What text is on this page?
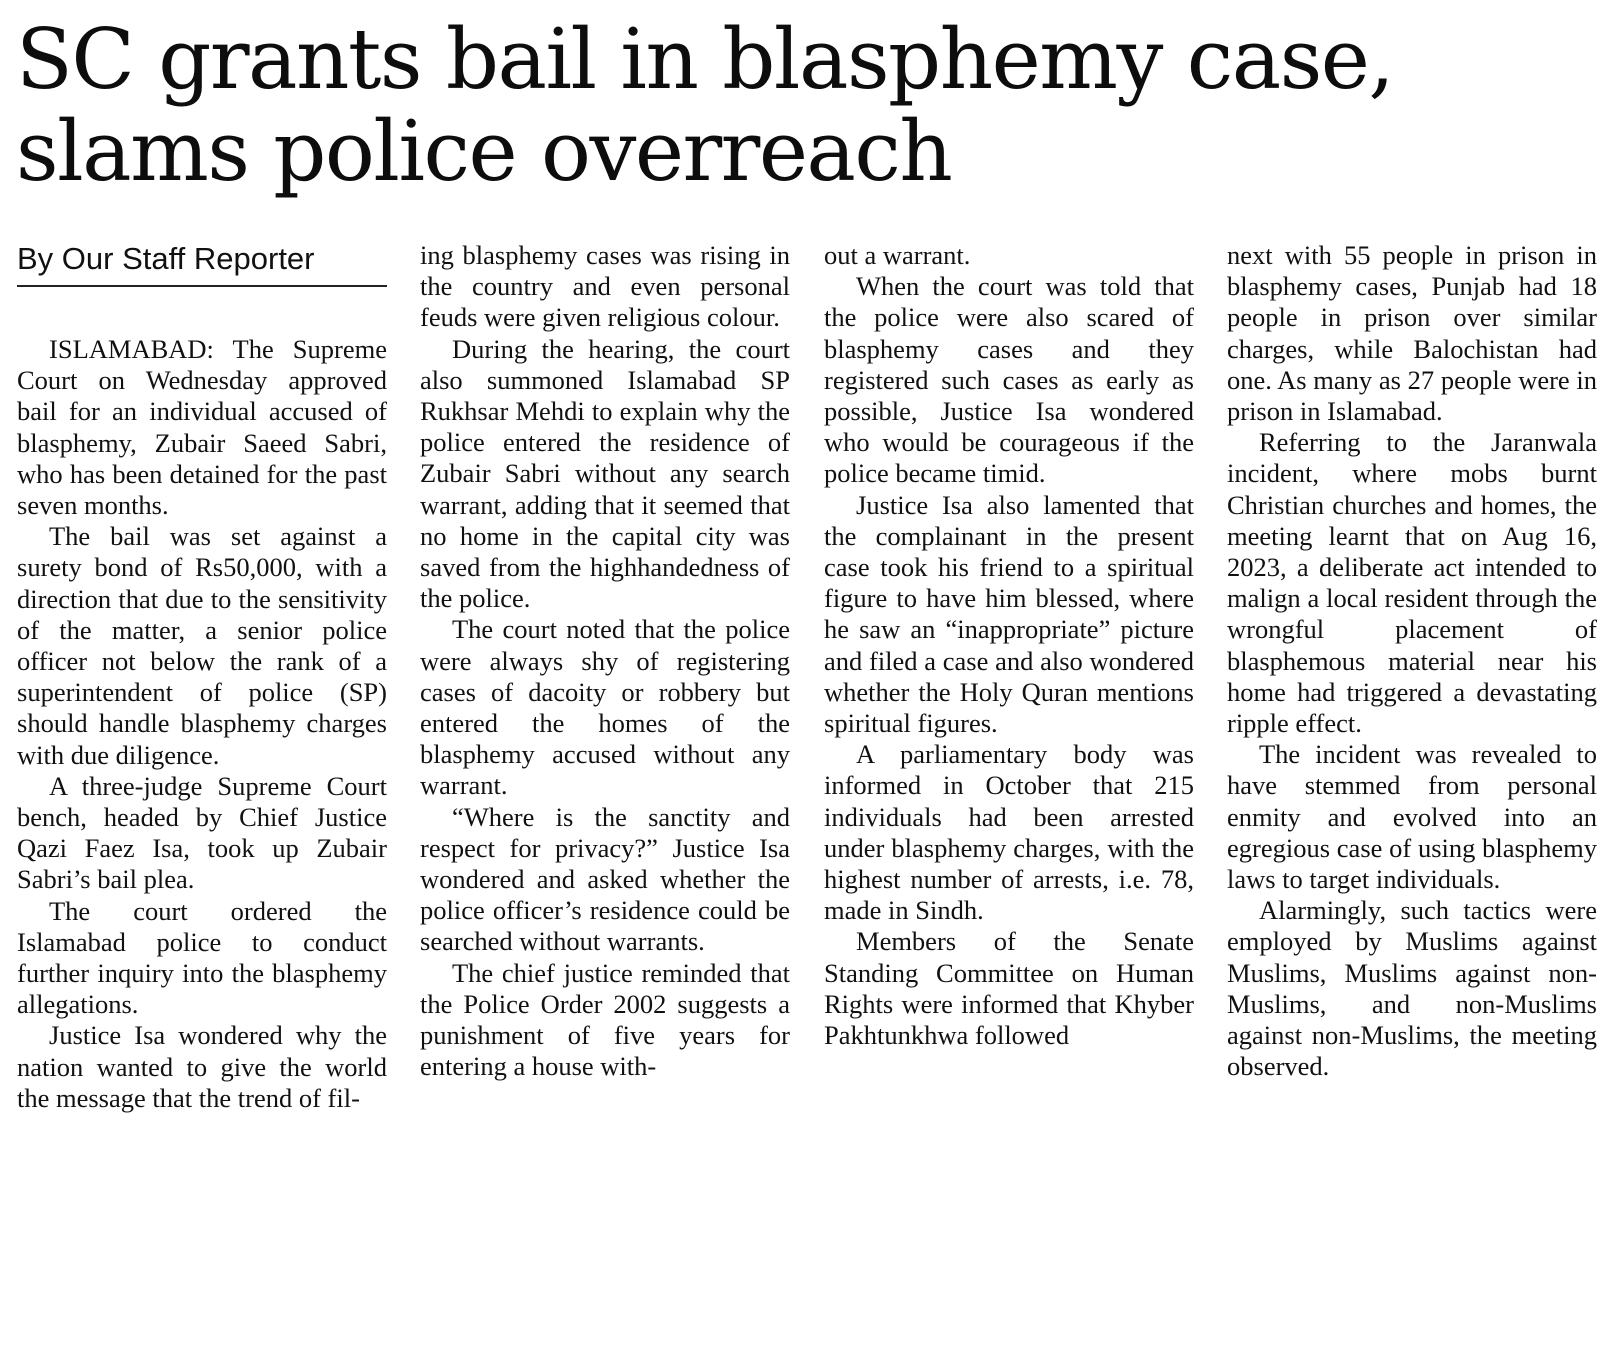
SC grants bail in blasphemy case,
slams police overreach
By Our Staff Reporter

ISLAMABAD: The Supreme Court on Wednesday approved bail for an individual accused of blasphemy, Zubair Saeed Sabri, who has been detained for the past seven months.

The bail was set against a surety bond of Rs50,000, with a direction that due to the sensitivity of the matter, a senior police officer not below the rank of a superintendent of police (SP) should handle blasphemy charges with due diligence.

A three-judge Supreme Court bench, headed by Chief Justice Qazi Faez Isa, took up Zubair Sabri’s bail plea.

The court ordered the Islamabad police to conduct further inquiry into the blasphemy allegations.

Justice Isa wondered why the nation wanted to give the world the message that the trend of fil-

ing blasphemy cases was rising in the country and even personal feuds were given religious colour.

During the hearing, the court also summoned Islamabad SP Rukhsar Mehdi to explain why the police entered the residence of Zubair Sabri without any search warrant, adding that it seemed that no home in the capital city was saved from the highhandedness of the police.

The court noted that the police were always shy of registering cases of dacoity or robbery but entered the homes of the blasphemy accused without any warrant.

“Where is the sanctity and respect for privacy?” Justice Isa wondered and asked whether the police officer’s residence could be searched without warrants.

The chief justice reminded that the Police Order 2002 suggests a punishment of five years for entering a house with-

out a warrant.

When the court was told that the police were also scared of blasphemy cases and they registered such cases as early as possible, Justice Isa wondered who would be courageous if the police became timid.

Justice Isa also lamented that the complainant in the present case took his friend to a spiritual figure to have him blessed, where he saw an “inappropriate” picture and filed a case and also wondered whether the Holy Quran mentions spiritual figures.

A parliamentary body was informed in October that 215 individuals had been arrested under blasphemy charges, with the highest number of arrests, i.e. 78, made in Sindh.

Members of the Senate Standing Committee on Human Rights were informed that Khyber Pakhtunkhwa followed

next with 55 people in prison in blasphemy cases, Punjab had 18 people in prison over similar charges, while Balochistan had one. As many as 27 people were in prison in Islamabad.

Referring to the Jaranwala incident, where mobs burnt Christian churches and homes, the meeting learnt that on Aug 16, 2023, a deliberate act intended to malign a local resident through the wrongful placement of blasphemous material near his home had triggered a devastating ripple effect.

The incident was revealed to have stemmed from personal enmity and evolved into an egregious case of using blasphemy laws to target individuals.

Alarmingly, such tactics were employed by Muslims against Muslims, Muslims against non-Muslims, and non-Muslims against non-Muslims, the meeting observed.
